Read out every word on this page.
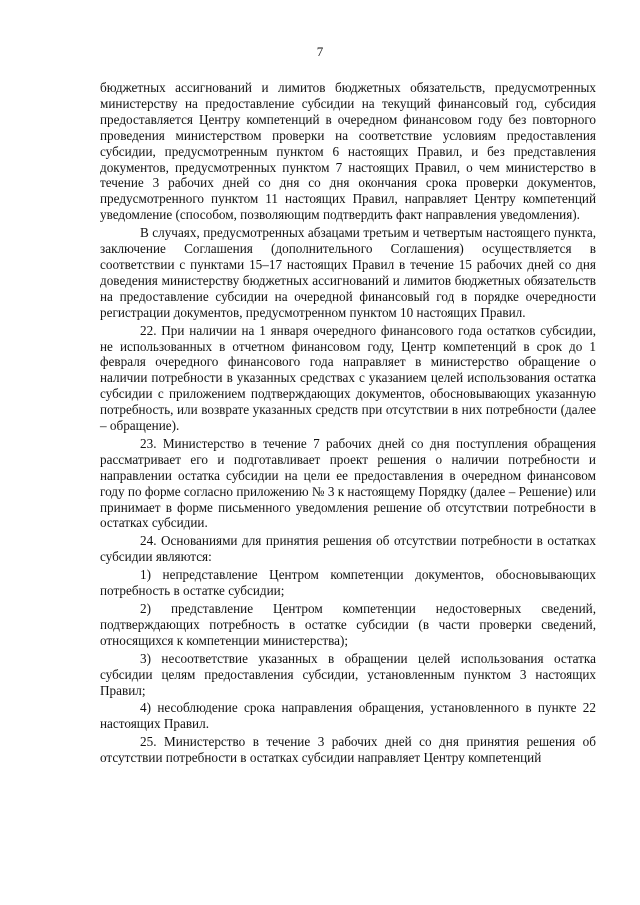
7

бюджетных ассигнований и лимитов бюджетных обязательств, предусмотренных министерству на предоставление субсидии на текущий финансовый год, субсидия предоставляется Центру компетенций в очередном финансовом году без повторного проведения министерством проверки на соответствие условиям предоставления субсидии, предусмотренным пунктом 6 настоящих Правил, и без представления документов, предусмотренных пунктом 7 настоящих Правил, о чем министерство в течение 3 рабочих дней со дня со дня окончания срока проверки документов, предусмотренного пунктом 11 настоящих Правил, направляет Центру компетенций уведомление (способом, позволяющим подтвердить факт направления уведомления).

В случаях, предусмотренных абзацами третьим и четвертым настоящего пункта, заключение Соглашения (дополнительного Соглашения) осуществляется в соответствии с пунктами 15–17 настоящих Правил в течение 15 рабочих дней со дня доведения министерству бюджетных ассигнований и лимитов бюджетных обязательств на предоставление субсидии на очередной финансовый год в порядке очередности регистрации документов, предусмотренном пунктом 10 настоящих Правил.

22. При наличии на 1 января очередного финансового года остатков субсидии, не использованных в отчетном финансовом году, Центр компетенций в срок до 1 февраля очередного финансового года направляет в министерство обращение о наличии потребности в указанных средствах с указанием целей использования остатка субсидии с приложением подтверждающих документов, обосновывающих указанную потребность, или возврате указанных средств при отсутствии в них потребности (далее – обращение).

23. Министерство в течение 7 рабочих дней со дня поступления обращения рассматривает его и подготавливает проект решения о наличии потребности и направлении остатка субсидии на цели ее предоставления в очередном финансовом году по форме согласно приложению № 3 к настоящему Порядку (далее – Решение) или принимает в форме письменного уведомления решение об отсутствии потребности в остатках субсидии.

24. Основаниями для принятия решения об отсутствии потребности в остатках субсидии являются:

1) непредставление Центром компетенции документов, обосновывающих потребность в остатке субсидии;

2) представление Центром компетенции недостоверных сведений, подтверждающих потребность в остатке субсидии (в части проверки сведений, относящихся к компетенции министерства);

3) несоответствие указанных в обращении целей использования остатка субсидии целям предоставления субсидии, установленным пунктом 3 настоящих Правил;

4) несоблюдение срока направления обращения, установленного в пункте 22 настоящих Правил.

25. Министерство в течение 3 рабочих дней со дня принятия решения об отсутствии потребности в остатках субсидии направляет Центру компетенций
